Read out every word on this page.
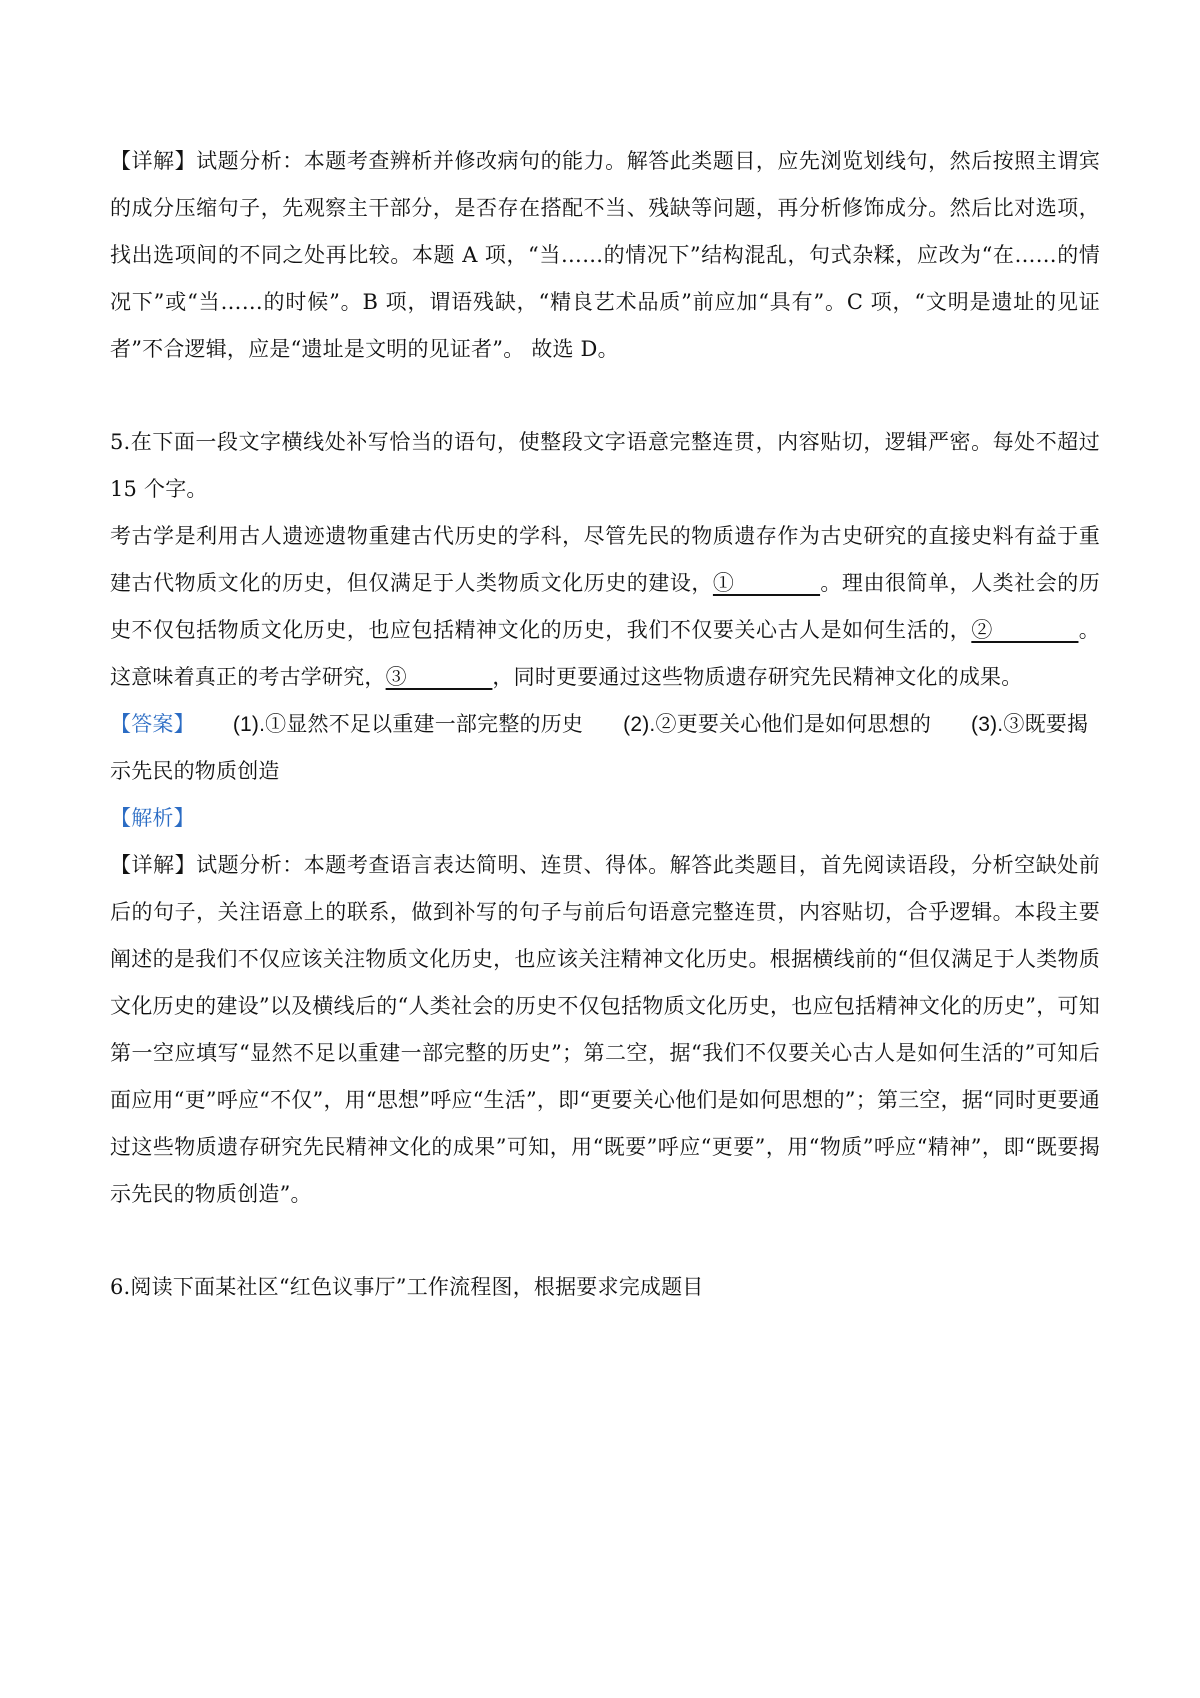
【详解】试题分析：本题考查辨析并修改病句的能力。解答此类题目，应先浏览划线句，然后按照主谓宾的成分压缩句子，先观察主干部分，是否存在搭配不当、残缺等问题，再分析修饰成分。然后比对选项，找出选项间的不同之处再比较。本题 A 项，“当……的情况下”结构混乱，句式杂糅，应改为“在……的情况下”或“当……的时候”。B 项，谓语残缺，“精良艺术品质”前应加“具有”。C 项，“文明是遗址的见证者”不合逻辑，应是“遗址是文明的见证者”。 故选 D。

5.在下面一段文字横线处补写恰当的语句，使整段文字语意完整连贯，内容贴切，逻辑严密。每处不超过 15 个字。

考古学是利用古人遗迹遗物重建古代历史的学科，尽管先民的物质遗存作为古史研究的直接史料有益于重建古代物质文化的历史，但仅满足于人类物质文化历史的建设，①________。理由很简单，人类社会的历史不仅包括物质文化历史，也应包括精神文化的历史，我们不仅要关心古人是如何生活的，②________。这意味着真正的考古学研究，③________，同时更要通过这些物质遗存研究先民精神文化的成果。

【答案】 (1).①显然不足以重建一部完整的历史 (2).②更要关心他们是如何思想的 (3).③既要揭

示先民的物质创造

【解析】

【详解】试题分析：本题考查语言表达简明、连贯、得体。解答此类题目，首先阅读语段，分析空缺处前后的句子，关注语意上的联系，做到补写的句子与前后句语意完整连贯，内容贴切，合乎逻辑。本段主要阐述的是我们不仅应该关注物质文化历史，也应该关注精神文化历史。根据横线前的“但仅满足于人类物质文化历史的建设”以及横线后的“人类社会的历史不仅包括物质文化历史，也应包括精神文化的历史”，可知第一空应填写“显然不足以重建一部完整的历史”；第二空，据“我们不仅要关心古人是如何生活的”可知后面应用“更”呼应“不仅”，用“思想”呼应“生活”，即“更要关心他们是如何思想的”；第三空，据“同时更要通过这些物质遗存研究先民精神文化的成果”可知，用“既要”呼应“更要”，用“物质”呼应“精神”，即“既要揭示先民的物质创造”。

6.阅读下面某社区“红色议事厅”工作流程图，根据要求完成题目
